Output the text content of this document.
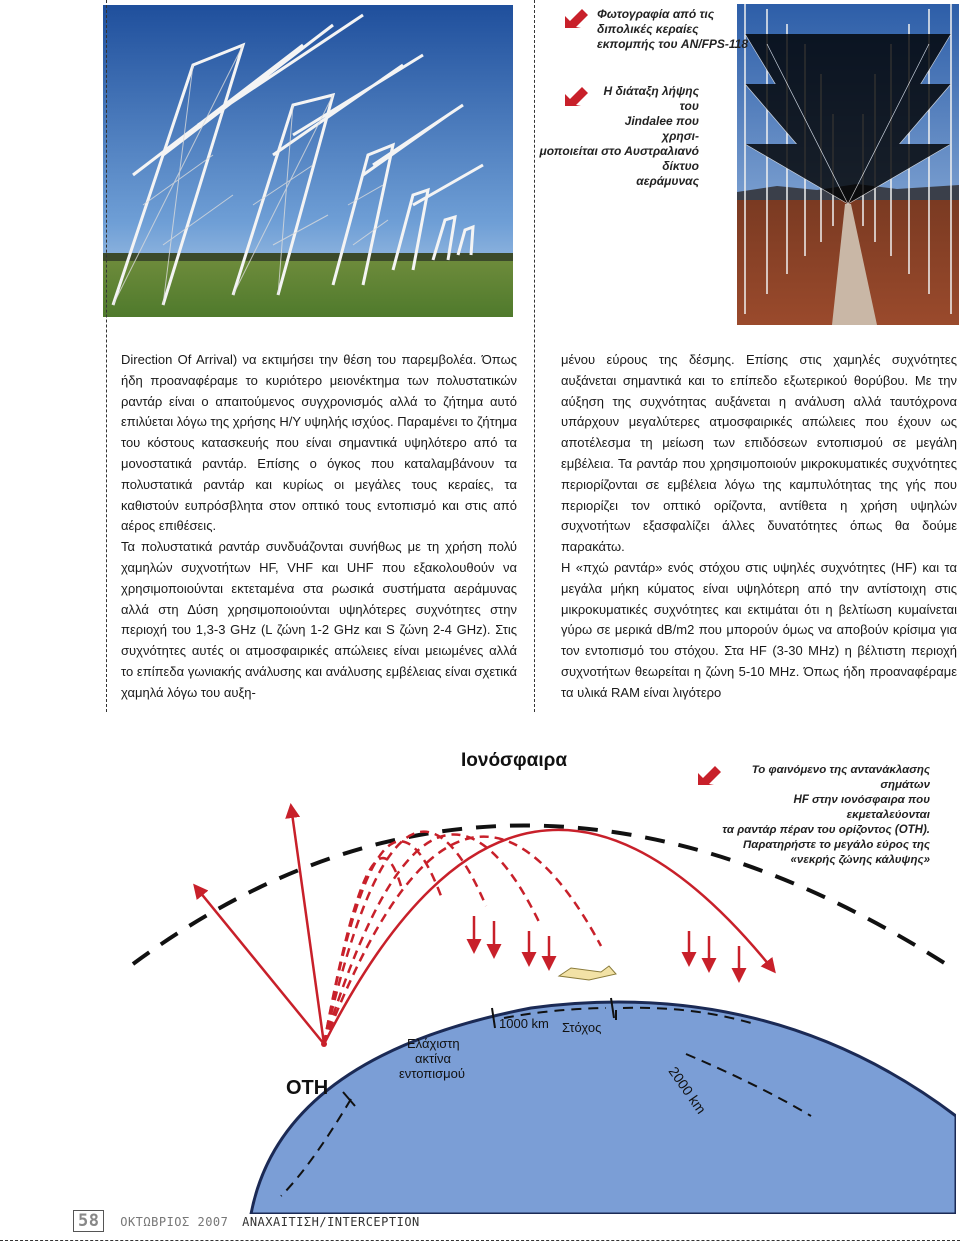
Φωτογραφία από τις
διπολικές κεραίες
εκπομπής του AN/FPS-118
Η διάταξη λήψης του
Jindalee που χρησι-
μοποιείται στο Αυστραλιανό
δίκτυο αεράμυνας

Direction Of Arrival) να εκτιμήσει την θέση του παρεμβολέα. Όπως ήδη προαναφέραμε το κυριότερο μειονέκτημα των πολυστατικών ραντάρ είναι ο απαιτούμενος συγχρονισμός αλλά το ζήτημα αυτό επιλύεται λόγω της χρήσης Η/Υ υψηλής ισχύος. Παραμένει το ζήτημα του κόστους κατασκευής που είναι σημαντικά υψηλότερο από τα μονοστατικά ραντάρ. Επίσης ο όγκος που καταλαμβάνουν τα πολυστατικά ραντάρ και κυρίως οι μεγάλες τους κεραίες, τα καθιστούν ευπρόσβλητα στον οπτικό τους εντοπισμό και στις από αέρος επιθέσεις.

Τα πολυστατικά ραντάρ συνδυάζονται συνήθως με τη χρήση πολύ χαμηλών συχνοτήτων HF, VHF και UHF που εξακολουθούν να χρησιμοποιούνται εκτεταμένα στα ρωσικά συστήματα αεράμυνας αλλά στη Δύση χρησιμοποιούνται υψηλότερες συχνότητες στην περιοχή του 1,3-3 GHz (L ζώνη 1-2 GHz και S ζώνη 2-4 GHz). Στις συχνότητες αυτές οι ατμοσφαιρικές απώλειες είναι μειωμένες αλλά το επίπεδα γωνιακής ανάλυσης και ανάλυσης εμβέλειας είναι σχετικά χαμηλά λόγω του αυξη-

μένου εύρους της δέσμης. Επίσης στις χαμηλές συχνότητες αυξάνεται σημαντικά και το επίπεδο εξωτερικού θορύβου. Με την αύξηση της συχνότητας αυξάνεται η ανάλυση αλλά ταυτόχρονα υπάρχουν μεγαλύτερες ατμοσφαιρικές απώλειες που έχουν ως αποτέλεσμα τη μείωση των επιδόσεων εντοπισμού σε μεγάλη εμβέλεια. Τα ραντάρ που χρησιμοποιούν μικροκυματικές συχνότητες περιορίζονται σε εμβέλεια λόγω της καμπυλότητας της γής που περιορίζει τον οπτικό ορίζοντα, αντίθετα η χρήση υψηλών συχνοτήτων εξασφαλίζει άλλες δυνατότητες όπως θα δούμε παρακάτω.

Η «πχώ ραντάρ» ενός στόχου στις υψηλές συχνότητες (HF) και τα μεγάλα μήκη κύματος είναι υψηλότερη από την αντίστοιχη στις μικροκυματικές συχνότητες και εκτιμάται ότι η βελτίωση κυμαίνεται γύρω σε μερικά dB/m2 που μπορούν όμως να αποβούν κρίσιμα για τον εντοπισμό του στόχου. Στα HF (3-30 MHz) η βέλτιστη περιοχή συχνοτήτων θεωρείται η ζώνη 5-10 MHz. Όπως ήδη προαναφέραμε τα υλικά RAM είναι λιγότερο

Ιονόσφαιρα
1000 km Στόχος
OTH
Ελάχιστη
ακτίνα
εντοπισμού	2000 km
Το φαινόμενο της αντανάκλασης σημάτων
HF στην ιονόσφαιρα που εκμεταλεύονται
τα ραντάρ πέραν του ορίζοντος (OTH).
Παρατηρήστε το μεγάλο εύρος της
«νεκρής ζώνης κάλυψης»
58 ΟΚΤΩΒΡΙΟΣ 2007 ΑΝΑΧΑΙΤΙΣΗ/INTERCEPTION
